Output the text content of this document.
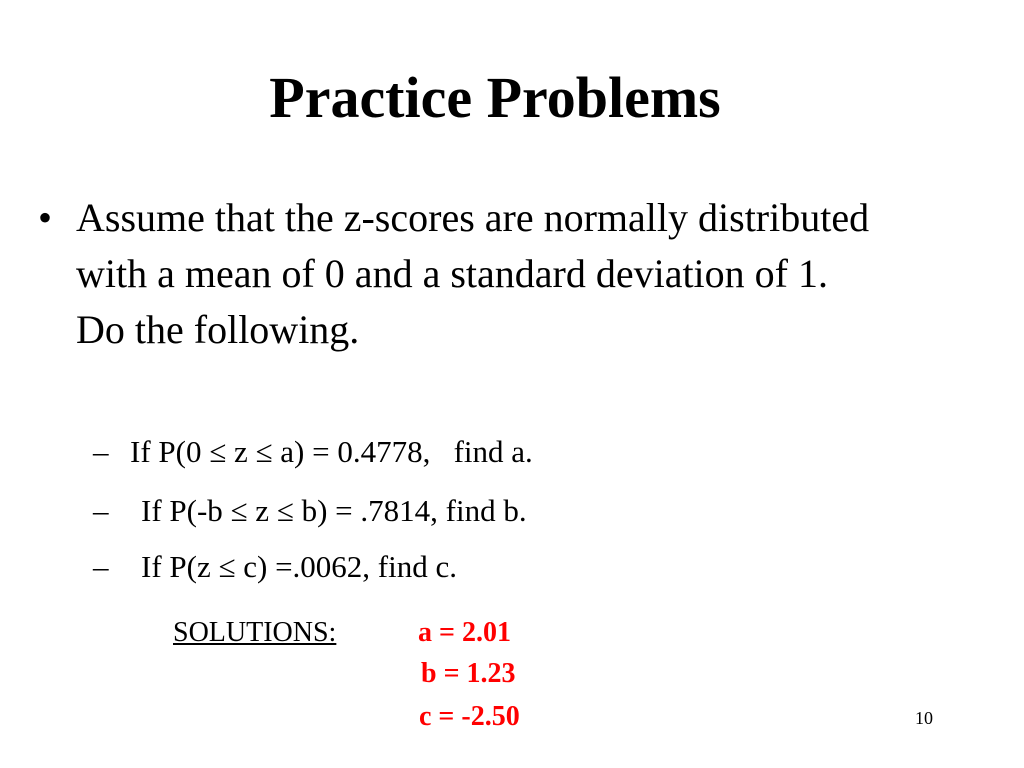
Practice Problems
• Assume that the z-scores are normally distributed
with a mean of 0 and a standard deviation of 1.
Do the following.
– If P(0 ≤ z ≤ a) = 0.4778,   find a.
– If P(-b ≤ z ≤ b) = .7814, find b.
– If P(z ≤ c) =.0062, find c.
SOLUTIONS:	a = 2.01
b = 1.23
c = -2.50	10
